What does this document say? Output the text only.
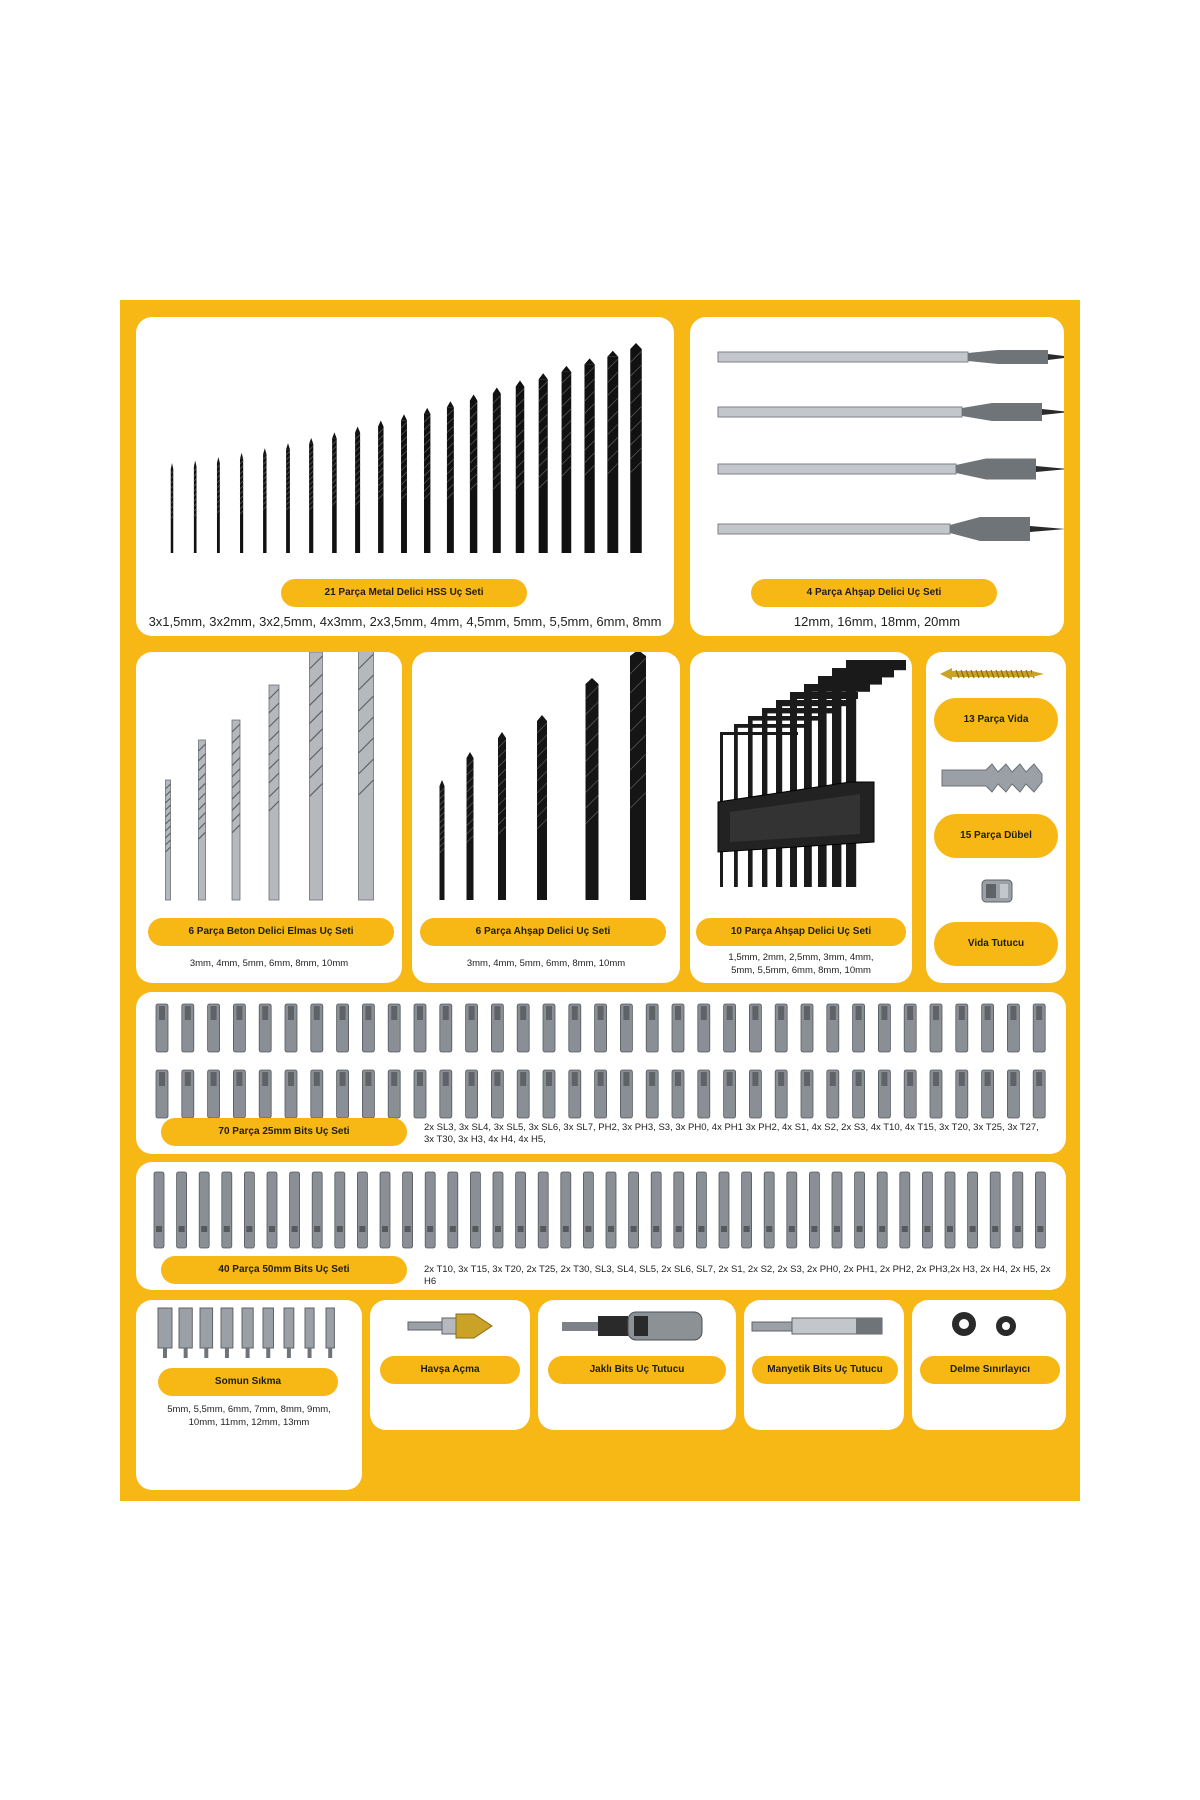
21 Parça Metal Delici HSS Uç Seti
3x1,5mm, 3x2mm, 3x2,5mm, 4x3mm, 2x3,5mm, 4mm, 4,5mm, 5mm, 5,5mm, 6mm, 8mm
4 Parça Ahşap Delici Uç Seti
12mm, 16mm, 18mm, 20mm
6 Parça Beton Delici Elmas Uç Seti
3mm, 4mm, 5mm, 6mm, 8mm, 10mm
6 Parça Ahşap Delici Uç Seti
3mm, 4mm, 5mm, 6mm, 8mm, 10mm
10 Parça Ahşap Delici Uç Seti
1,5mm, 2mm, 2,5mm, 3mm, 4mm,
5mm, 5,5mm, 6mm, 8mm, 10mm
13 Parça Vida
15 Parça Dübel
Vida Tutucu
70 Parça 25mm Bits Uç Seti	2x SL3, 3x SL4, 3x SL5, 3x SL6, 3x SL7, PH2, 3x PH3, S3, 3x PH0, 4x PH1 3x PH2, 4x S1, 4x S2, 2x S3, 4x T10, 4x T15, 3x T20, 3x T25, 3x T27,
3x T30, 3x H3, 4x H4, 4x H5,
40 Parça 50mm Bits Uç Seti	2x T10, 3x T15, 3x T20, 2x T25, 2x T30, SL3, SL4, SL5, 2x SL6, SL7, 2x S1, 2x S2, 2x S3, 2x PH0, 2x PH1, 2x PH2, 2x PH3,2x H3, 2x H4, 2x H5, 2x H6
Somun Sıkma
5mm, 5,5mm, 6mm, 7mm, 8mm, 9mm,
10mm, 11mm, 12mm, 13mm
Havşa Açma	Jaklı Bits Uç Tutucu	Manyetik Bits Uç Tutucu	Delme Sınırlayıcı
